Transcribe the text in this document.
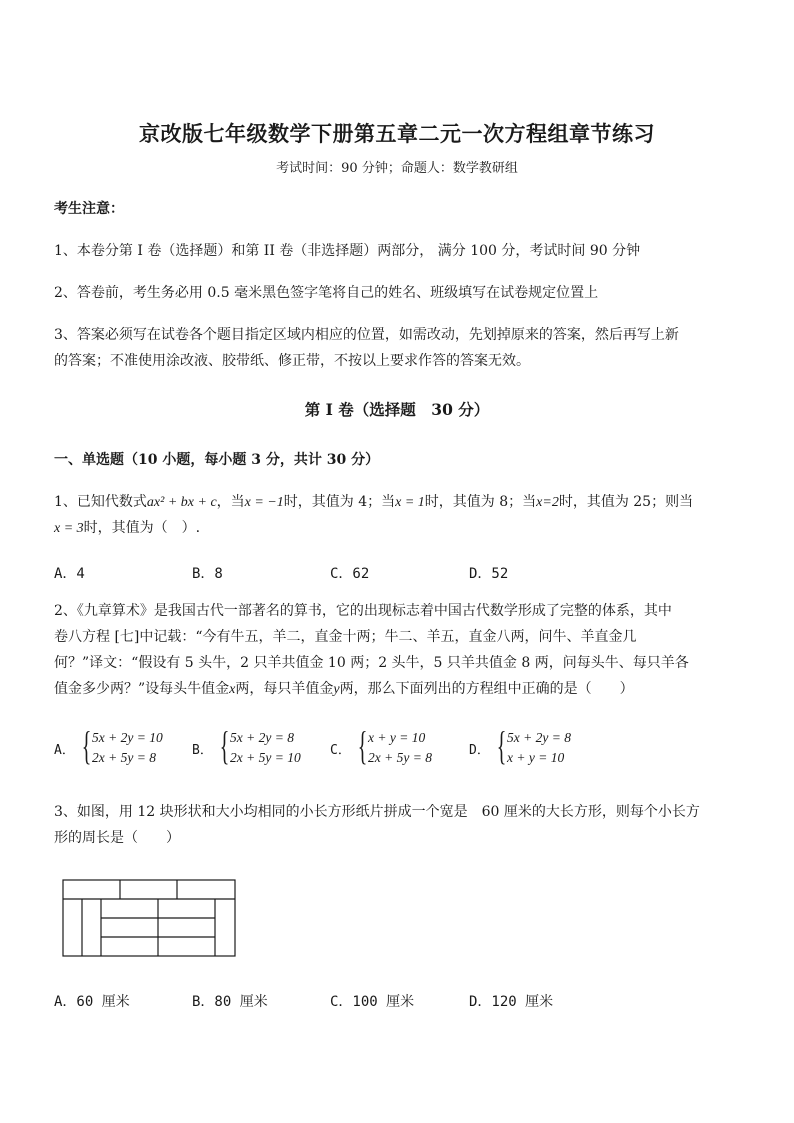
京改版七年级数学下册第五章二元一次方程组章节练习
考试时间：90 分钟；命题人：数学教研组
考生注意：
1、本卷分第 I 卷（选择题）和第 II 卷（非选择题）两部分， 满分 100 分，考试时间 90 分钟
2、答卷前，考生务必用 0.5 毫米黑色签字笔将自己的姓名、班级填写在试卷规定位置上
3、答案必须写在试卷各个题目指定区域内相应的位置，如需改动，先划掉原来的答案，然后再写上新
的答案；不准使用涂改液、胶带纸、修正带，不按以上要求作答的答案无效。
第 I 卷（选择题　30 分）
一、单选题（10 小题，每小题 3 分，共计 30 分）
1、已知代数式ax² + bx + c，当x = −1时，其值为 4；当x = 1时，其值为 8；当x=2时，其值为 25；则当
x = 3时，其值为（　）.
A．4	B．8	C．62	D．52
2、《九章算术》是我国古代一部著名的算书，它的出现标志着中国古代数学形成了完整的体系，其中
卷八方程 [七]中记载：“今有牛五，羊二，直金十两；牛二、羊五，直金八两，问牛、羊直金几
何？”译文：“假设有 5 头牛，2 只羊共值金 10 两；2 头牛，5 只羊共值金 8 两，问每头牛、每只羊各
值金多少两？”设每头牛值金x两，每只羊值金y两，那么下面列出的方程组中正确的是（　　）
A． { 5x + 2y = 10
2x + 5y = 8	B． { 5x + 2y = 8
2x + 5y = 10 C． { x + y = 10
2x + 5y = 8	D． { 5x + 2y = 8
x + y = 10
3、如图，用 12 块形状和大小均相同的小长方形纸片拼成一个宽是　60 厘米的大长方形，则每个小长方
形的周长是（　　）
A．60 厘米	B．80 厘米	C．100 厘米	D．120 厘米
